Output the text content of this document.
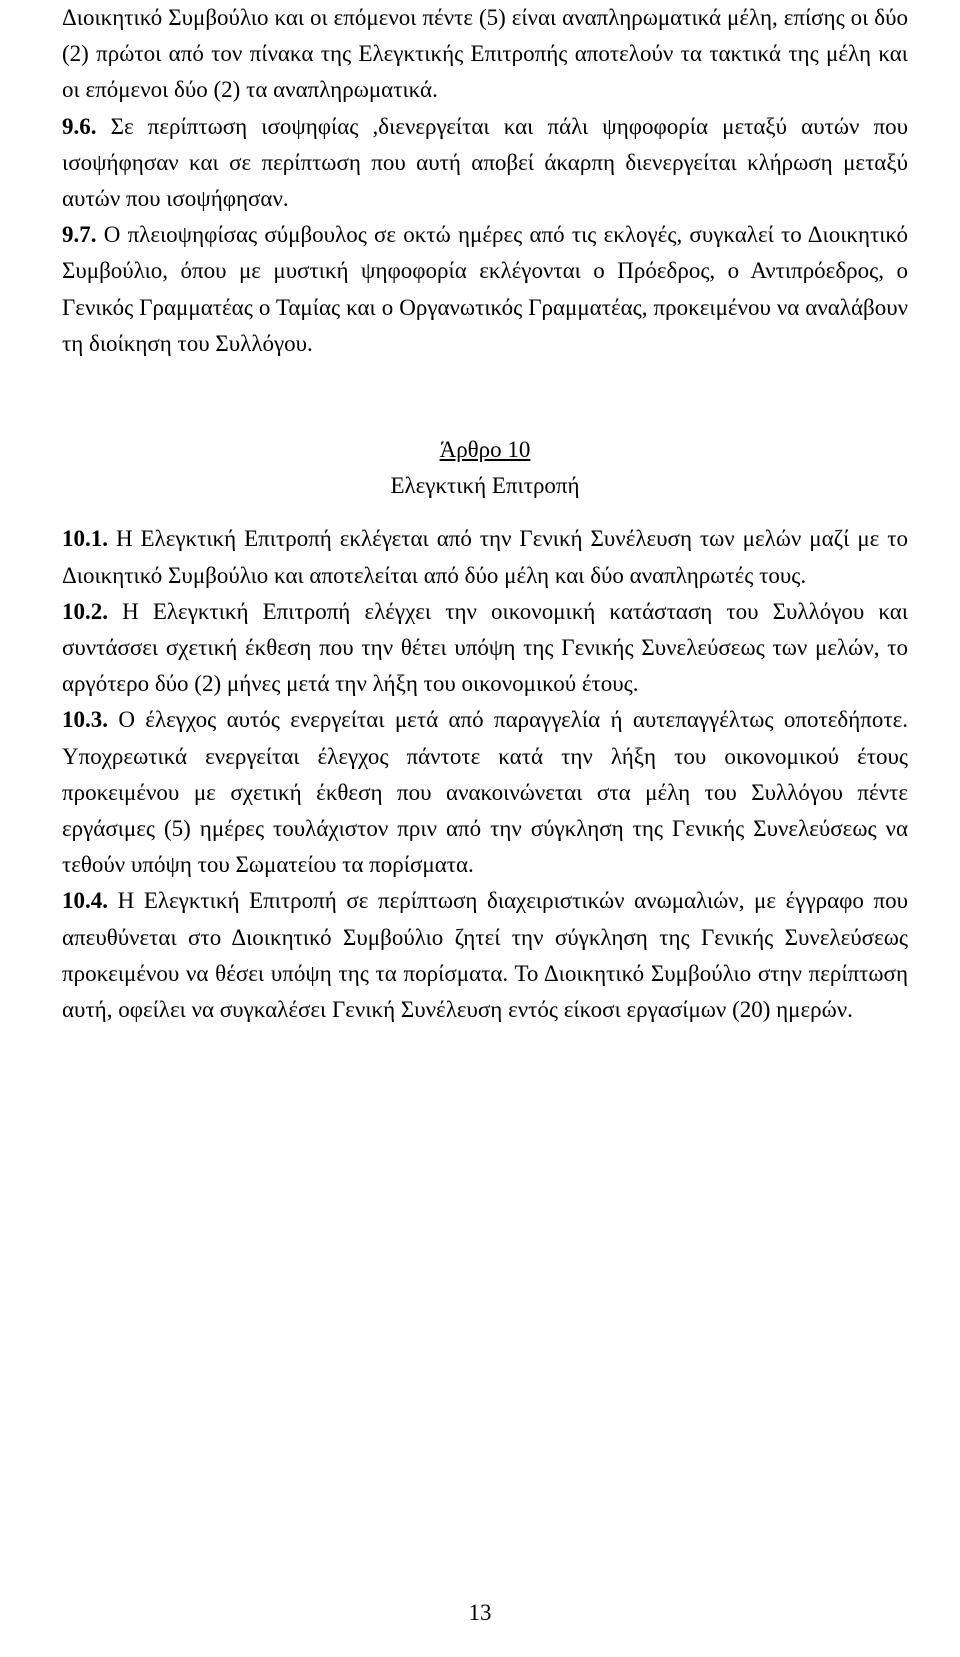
Διοικητικό Συμβούλιο και οι επόμενοι πέντε (5) είναι αναπληρωματικά μέλη, επίσης οι δύο (2) πρώτοι από τον πίνακα της Ελεγκτικής Επιτροπής αποτελούν τα τακτικά της μέλη και οι επόμενοι δύο (2) τα αναπληρωματικά.

9.6. Σε περίπτωση ισοψηφίας ,διενεργείται και πάλι ψηφοφορία μεταξύ αυτών που ισοψήφησαν και σε περίπτωση που αυτή αποβεί άκαρπη διενεργείται κλήρωση μεταξύ αυτών που ισοψήφησαν.

9.7. Ο πλειοψηφίσας σύμβουλος σε οκτώ ημέρες από τις εκλογές, συγκαλεί το Διοικητικό Συμβούλιο, όπου με μυστική ψηφοφορία εκλέγονται ο Πρόεδρος, ο Αντιπρόεδρος, ο Γενικός Γραμματέας ο Ταμίας και ο Οργανωτικός Γραμματέας, προκειμένου να αναλάβουν τη διοίκηση του Συλλόγου.

Άρθρο 10

Ελεγκτική Επιτροπή

10.1. Η Ελεγκτική Επιτροπή εκλέγεται από την Γενική Συνέλευση των μελών μαζί με το Διοικητικό Συμβούλιο και αποτελείται από δύο μέλη και δύο αναπληρωτές τους.

10.2. Η Ελεγκτική Επιτροπή ελέγχει την οικονομική κατάσταση του Συλλόγου και συντάσσει σχετική έκθεση που την θέτει υπόψη της Γενικής Συνελεύσεως των μελών, το αργότερο δύο (2) μήνες μετά την λήξη του οικονομικού έτους.

10.3. Ο έλεγχος αυτός ενεργείται μετά από παραγγελία ή αυτεπαγγέλτως οποτεδήποτε. Υποχρεωτικά ενεργείται έλεγχος πάντοτε κατά την λήξη του οικονομικού έτους προκειμένου με σχετική έκθεση που ανακοινώνεται στα μέλη του Συλλόγου πέντε εργάσιμες (5) ημέρες τουλάχιστον πριν από την σύγκληση της Γενικής Συνελεύσεως να τεθούν υπόψη του Σωματείου τα πορίσματα.

10.4. Η Ελεγκτική Επιτροπή σε περίπτωση διαχειριστικών ανωμαλιών, με έγγραφο που απευθύνεται στο Διοικητικό Συμβούλιο ζητεί την σύγκληση της Γενικής Συνελεύσεως προκειμένου να θέσει υπόψη της τα πορίσματα. Το Διοικητικό Συμβούλιο στην περίπτωση αυτή, οφείλει να συγκαλέσει Γενική Συνέλευση εντός είκοσι εργασίμων (20) ημερών.

13
